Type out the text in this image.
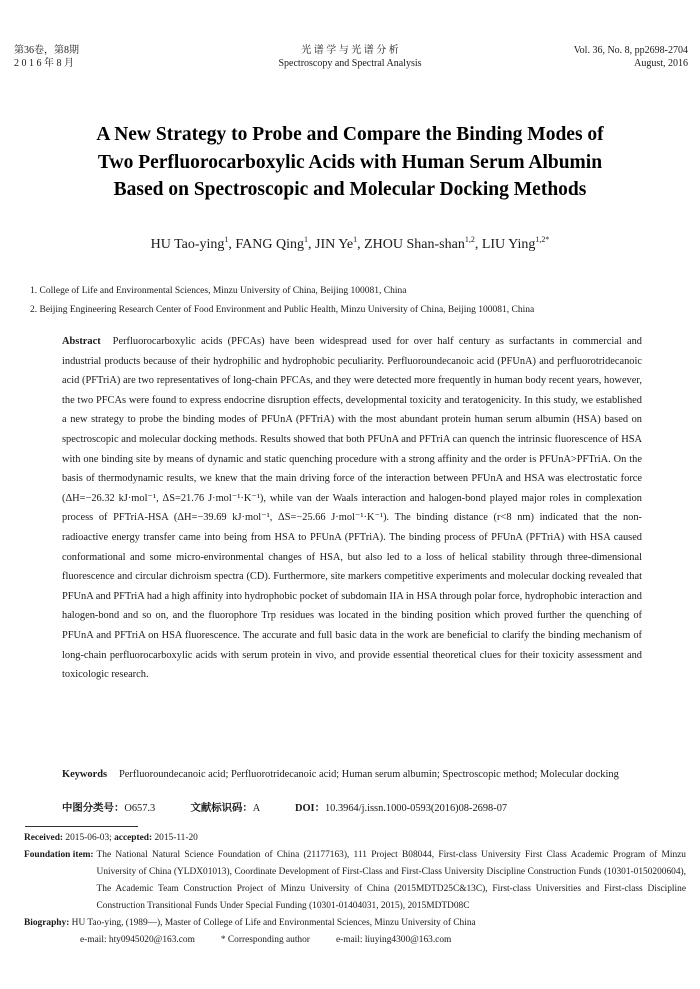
第36卷，第8期
2 0 1 6 年 8 月
光 谱 学 与 光 谱 分 析
Spectroscopy and Spectral Analysis
Vol. 36, No. 8, pp2698-2704
August, 2016
A New Strategy to Probe and Compare the Binding Modes of
Two Perfluorocarboxylic Acids with Human Serum Albumin
Based on Spectroscopic and Molecular Docking Methods
HU Tao-ying$^1$, FANG Qing$^1$, JIN Ye$^1$, ZHOU Shan-shan$^{1,2}$, LIU Ying$^{1,2*}$
1. College of Life and Environmental Sciences, Minzu University of China, Beijing 100081, China
2. Beijing Engineering Research Center of Food Environment and Public Health, Minzu University of China, Beijing 100081, China
Abstract Perfluorocarboxylic acids (PFCAs) have been widespread used for over half century as surfactants in commercial and industrial products because of their hydrophilic and hydrophobic peculiarity. Perfluoroundecanoic acid (PFUnA) and perfluorotridecanoic acid (PFTriA) are two representatives of long-chain PFCAs, and they were detected more frequently in human body recent years, however, the two PFCAs were found to express endocrine disruption effects, developmental toxicity and teratogenicity. In this study, we established a new strategy to probe the binding modes of PFUnA (PFTriA) with the most abundant protein human serum albumin (HSA) based on spectroscopic and molecular docking methods. Results showed that both PFUnA and PFTriA can quench the intrinsic fluorescence of HSA with one binding site by means of dynamic and static quenching procedure with a strong affinity and the order is PFUnA>PFTriA. On the basis of thermodynamic results, we knew that the main driving force of the interaction between PFUnA and HSA was electrostatic force (ΔH=−26.32 kJ·mol⁻¹, ΔS=21.76 J·mol⁻¹·K⁻¹), while van der Waals interaction and halogen-bond played major roles in complexation process of PFTriA-HSA (ΔH=−39.69 kJ·mol⁻¹, ΔS=−25.66 J·mol⁻¹·K⁻¹). The binding distance (r<8 nm) indicated that the non-radioactive energy transfer came into being from HSA to PFUnA (PFTriA). The binding process of PFUnA (PFTriA) with HSA caused conformational and some micro-environmental changes of HSA, but also led to a loss of helical stability through three-dimensional fluorescence and circular dichroism spectra (CD). Furthermore, site markers competitive experiments and molecular docking revealed that PFUnA and PFTriA had a high affinity into hydrophobic pocket of subdomain IIA in HSA through polar force, hydrophobic interaction and halogen-bond and so on, and the fluorophore Trp residues was located in the binding position which proved further the quenching of PFUnA and PFTriA on HSA fluorescence. The accurate and full basic data in the work are beneficial to clarify the binding mechanism of long-chain perfluorocarboxylic acids with serum protein in vivo, and provide essential theoretical clues for their toxicity assessment and toxicologic research.
Keywords Perfluoroundecanoic acid; Perfluorotridecanoic acid; Human serum albumin; Spectroscopic method; Molecular docking
中图分类号：O657.3	文献标识码：A	DOI：10.3964/j.issn.1000-0593(2016)08-2698-07
Received: 2015-06-03; accepted: 2015-11-20
Foundation item: The National Natural Science Foundation of China (21177163), 111 Project B08044, First-class University First Class Academic Program of Minzu University of China (YLDX01013), Coordinate Development of First-Class and First-Class University Discipline Construction Funds (10301-0150200604), The Academic Team Construction Project of Minzu University of China (2015MDTD25C&13C), First-class Universities and First-class Discipline Construction Transitional Funds Under Special Funding (10301-01404031, 2015), 2015MDTD08C
Biography: HU Tao-ying, (1989—), Master of College of Life and Environmental Sciences, Minzu University of China
e-mail: hty0945020@163.com	* Corresponding author	e-mail: liuying4300@163.com
